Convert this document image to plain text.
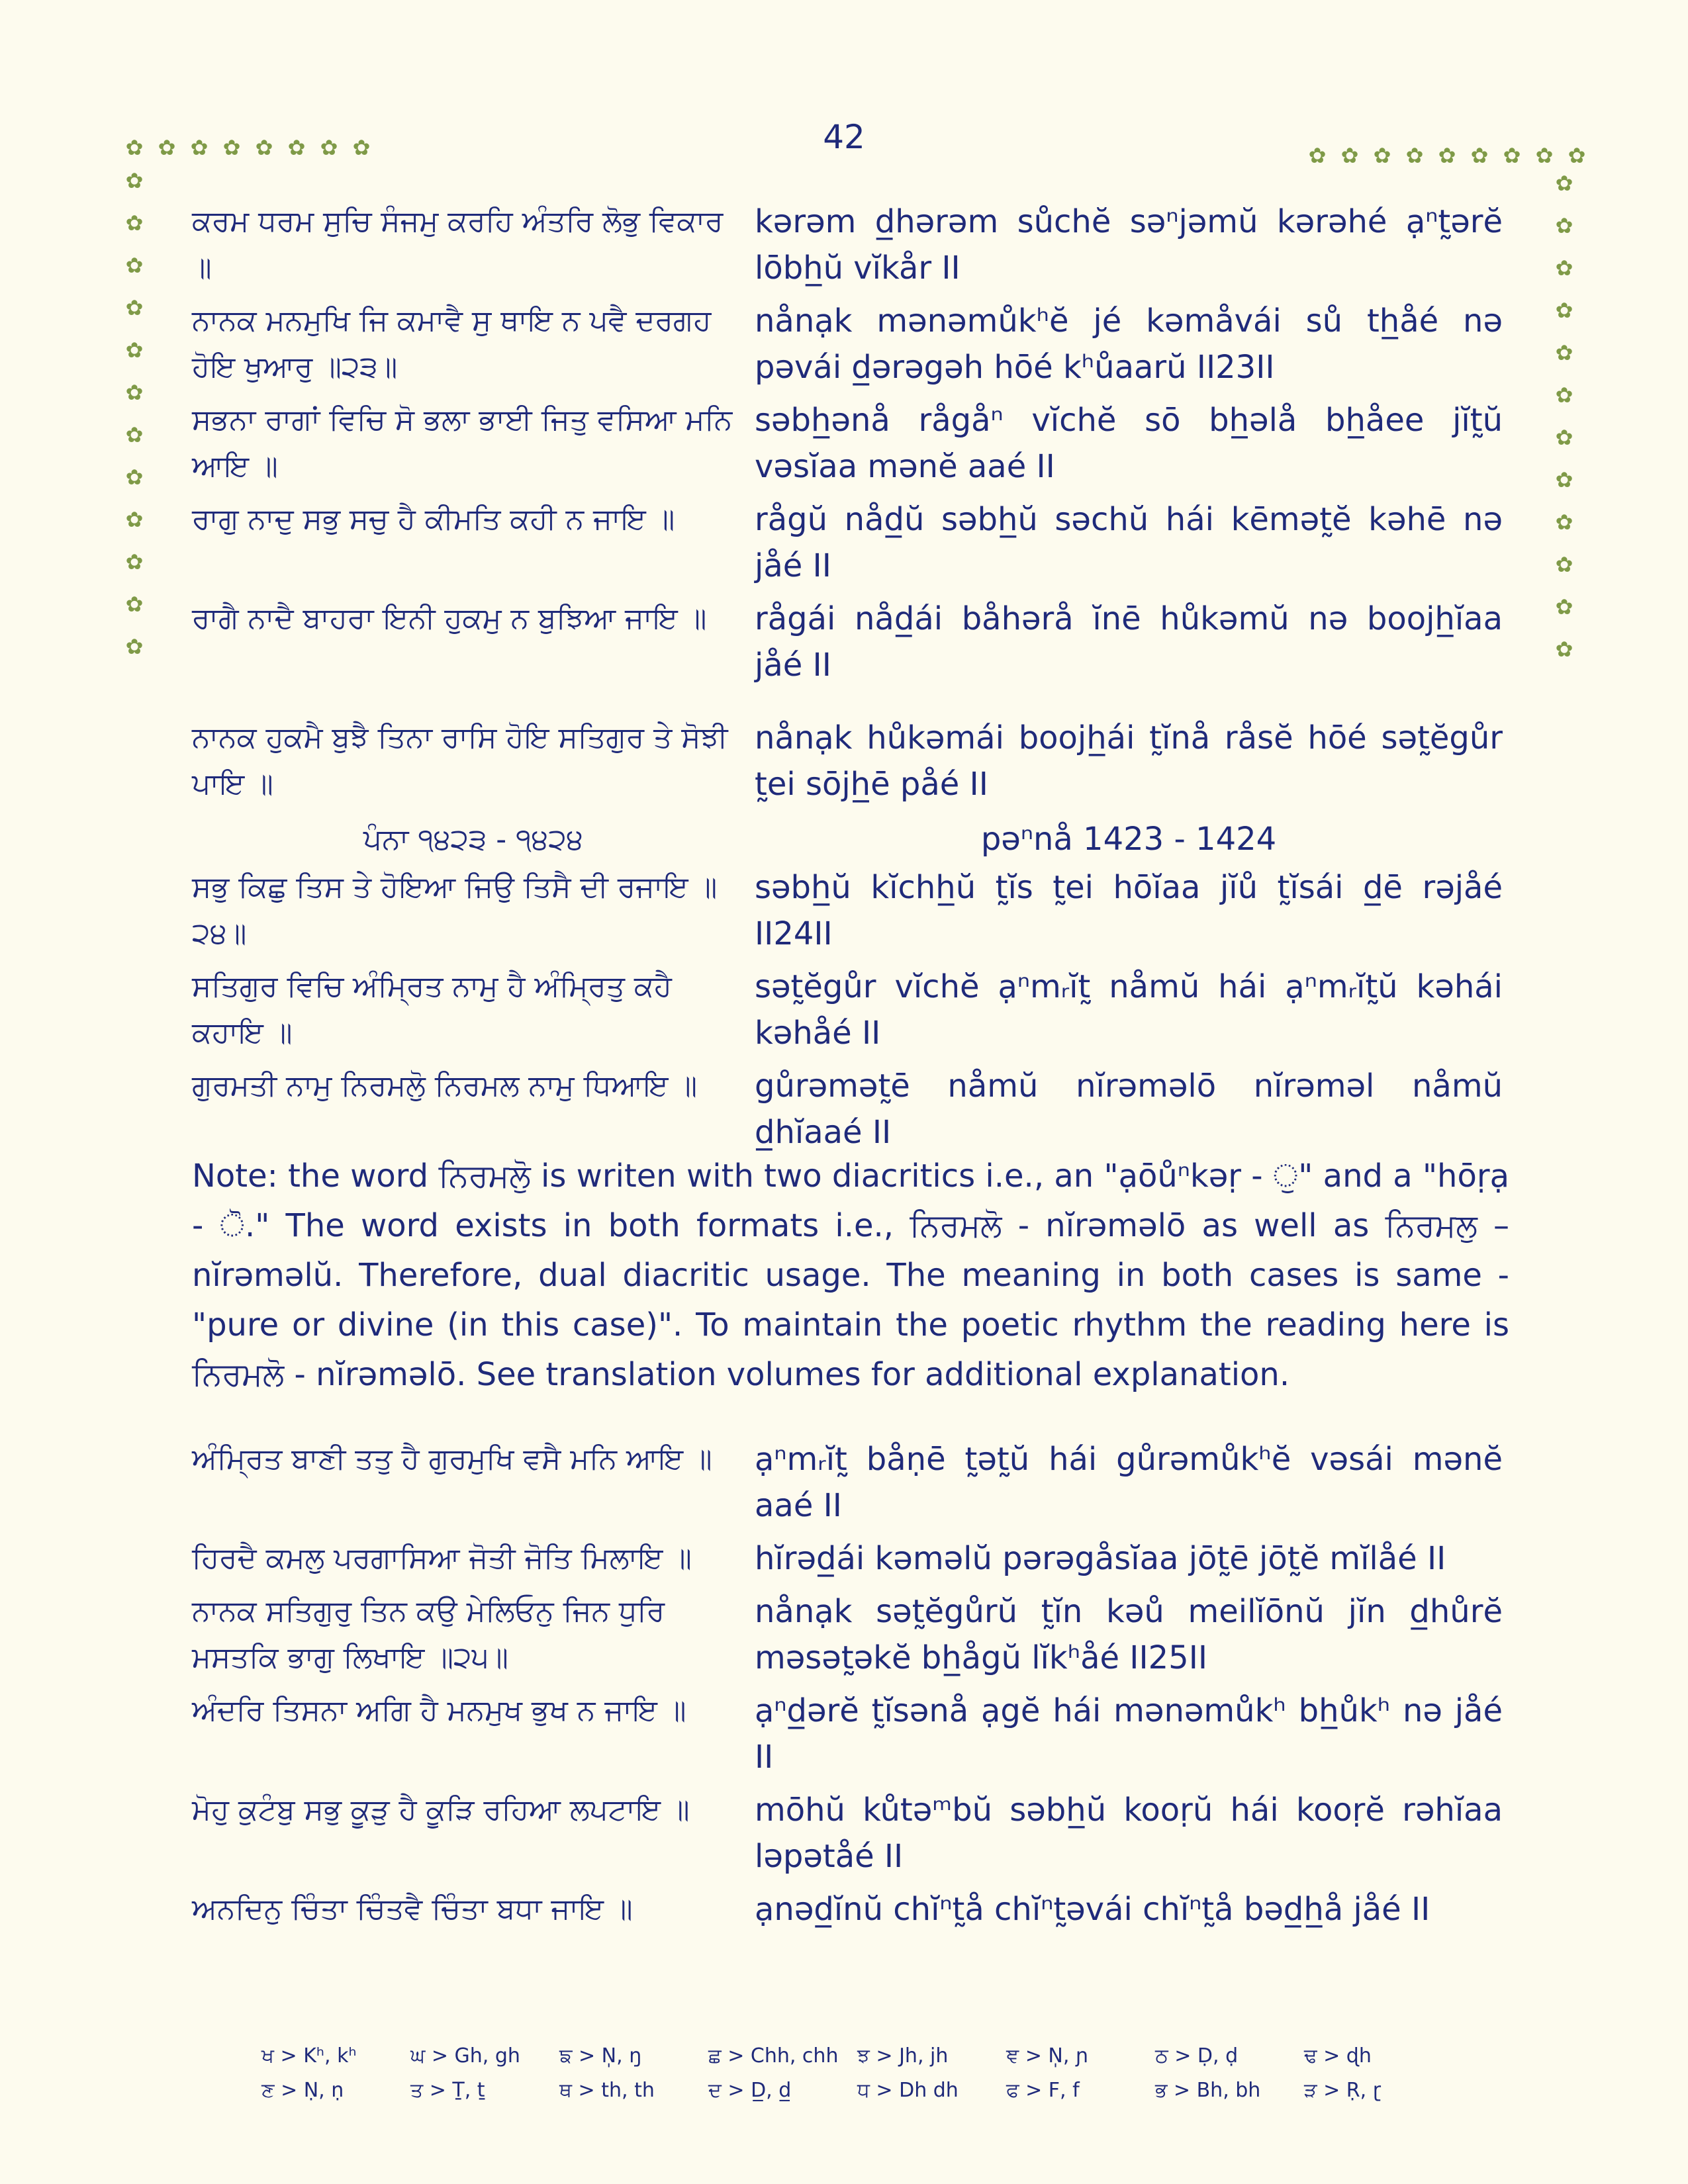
42
✿ ✿ ✿ ✿ ✿ ✿ ✿ ✿	✿ ✿ ✿ ✿ ✿ ✿ ✿ ✿ ✿
✿
✿
✿
✿
✿
✿
✿
✿
✿
✿
✿
✿
✿
✿
✿
✿
✿
✿
✿
✿
✿
✿
✿
✿
ਕਰਮ ਧਰਮ ਸੁਚਿ ਸੰਜਮੁ ਕਰਹਿ ਅੰਤਰਿ ਲੋਭੁ ਵਿਕਾਰ ॥
kərəm d̲hərəm sůchĕ səⁿjəmŭ kərəhé ạⁿt̰ərĕ lōbh̲ŭ vĭkår II
ਨਾਨਕ ਮਨਮੁਖਿ ਜਿ ਕਮਾਵੈ ਸੁ ਥਾਇ ਨ ਪਵੈ ਦਰਗਹ ਹੋਇ ਖੁਆਰੁ ॥੨੩॥
nånạk mənəmůkʰĕ jé kəmåvái sů th̲åé nə pəvái d̲ərəgəh hōé kʰůaarŭ II23II
ਸਭਨਾ ਰਾਗਾਂ ਵਿਚਿ ਸੋ ਭਲਾ ਭਾਈ ਜਿਤੁ ਵਸਿਆ ਮਨਿ ਆਇ ॥
səbh̲ənå rågåⁿ vĭchĕ sō bh̲əlå bh̲åee jĭt̰ŭ vəsĭaa mənĕ aaé II
ਰਾਗੁ ਨਾਦੁ ਸਭੁ ਸਚੁ ਹੈ ਕੀਮਤਿ ਕਹੀ ਨ ਜਾਇ ॥	rågŭ nåd̲ŭ səbh̲ŭ səchŭ hái kēmət̰ĕ kəhē nə jåé II
ਰਾਗੈ ਨਾਦੈ ਬਾਹਰਾ ਇਨੀ ਹੁਕਮੁ ਨ ਬੁਝਿਆ ਜਾਇ ॥	rågái nåd̲ái båhərå ĭnē hůkəmŭ nə boojh̲ĭaa jåé II
ਨਾਨਕ ਹੁਕਮੈ ਬੁਝੈ ਤਿਨਾ ਰਾਸਿ ਹੋਇ ਸਤਿਗੁਰ ਤੇ ਸੋਝੀ ਪਾਇ ॥
nånạk hůkəmái boojh̲ái t̰ĭnå råsĕ hōé sət̰ĕgůr t̰ei sōjh̲ē påé II
ਪੰਨਾ ੧੪੨੩ - ੧੪੨੪	pəⁿnå 1423 - 1424
ਸਭੁ ਕਿਛੁ ਤਿਸ ਤੇ ਹੋਇਆ ਜਿਉ ਤਿਸੈ ਦੀ ਰਜਾਇ ॥੨੪॥
səbh̲ŭ kĭchh̲ŭ t̰ĭs t̰ei hōĭaa jĭů t̰ĭsái d̲ē rəjåé II24II
ਸਤਿਗੁਰ ਵਿਚਿ ਅੰਮ੍ਰਿਤ ਨਾਮੁ ਹੈ ਅੰਮ੍ਰਿਤੁ ਕਹੈ ਕਹਾਇ ॥
sət̰ĕgůr vĭchĕ ạⁿmᵣĭt̰ nåmŭ hái ạⁿmᵣĭt̰ŭ kəhái kəhåé II
ਗੁਰਮਤੀ ਨਾਮੁ ਨਿਰਮਲੋੁ ਨਿਰਮਲ ਨਾਮੁ ਧਿਆਇ ॥	gůrəmət̰ē nåmŭ nĭrəməlō nĭrəməl nåmŭ d̲hĭaaé II
Note: the word ਨਿਰਮਲੋੁ is writen with two diacritics i.e., an "ạōůⁿkəṛ - ੁ" and a "hōṛạ - ੋ." The word exists in both formats i.e., ਨਿਰਮਲੋ - nĭrəməlō as well as ਨਿਰਮਲੁ – nĭrəməlŭ. Therefore, dual diacritic usage. The meaning in both cases is same - "pure or divine (in this case)". To maintain the poetic rhythm the reading here is ਨਿਰਮਲੋ - nĭrəməlō. See translation volumes for additional explanation.
ਅੰਮ੍ਰਿਤ ਬਾਣੀ ਤਤੁ ਹੈ ਗੁਰਮੁਖਿ ਵਸੈ ਮਨਿ ਆਇ ॥	ạⁿmᵣĭt̰ båṇē t̰ət̰ŭ hái gůrəmůkʰĕ vəsái mənĕ aaé II
ਹਿਰਦੈ ਕਮਲੁ ਪਰਗਾਸਿਆ ਜੋਤੀ ਜੋਤਿ ਮਿਲਾਇ ॥	hĭrəd̲ái kəməlŭ pərəgåsĭaa jōt̰ē jōt̰ĕ mĭlåé II
ਨਾਨਕ ਸਤਿਗੁਰੁ ਤਿਨ ਕਉ ਮੇਲਿਓਨੁ ਜਿਨ ਧੁਰਿ ਮਸਤਕਿ ਭਾਗੁ ਲਿਖਾਇ ॥੨੫॥
nånạk sət̰ĕgůrŭ t̰ĭn kəů meilĭōnŭ jĭn d̲hůrĕ məsət̰əkĕ bh̲ågŭ lĭkʰåé II25II
ਅੰਦਰਿ ਤਿਸਨਾ ਅਗਿ ਹੈ ਮਨਮੁਖ ਭੁਖ ਨ ਜਾਇ ॥	ạⁿd̲ərĕ t̰ĭsənå ạgĕ hái mənəmůkʰ bh̲ůkʰ nə jåé II
ਮੋਹੁ ਕੁਟੰਬੁ ਸਭੁ ਕੂੜੁ ਹੈ ਕੂੜਿ ਰਹਿਆ ਲਪਟਾਇ ॥	mōhŭ kůtəᵐbŭ səbh̲ŭ kooṛŭ hái kooṛĕ rəhĭaa ləpətåé II
ਅਨਦਿਨੁ ਚਿੰਤਾ ਚਿੰਤਵੈ ਚਿੰਤਾ ਬਧਾ ਜਾਇ ॥	ạnəd̲ĭnŭ chĭⁿt̰å chĭⁿt̰əvái chĭⁿt̰å bəd̲h̲å jåé II
ਖ > Kʰ, kʰ	ਘ > Gh, gh	ਙ > N̩, ŋ	ਛ > Chh, chh ਝ > Jh, jh	ਞ > N̩, ɲ	ਠ > Ḍ, ḍ	ਢ > ɖh
ਣ > Ṇ, ṇ	ਤ > Ṯ, ṯ	ਥ > th, th	ਦ > D̲, d̲	ਧ > Dh dh	ਫ > F, f	ਭ > Bh, bh	ੜ > Ṛ, ɽ
